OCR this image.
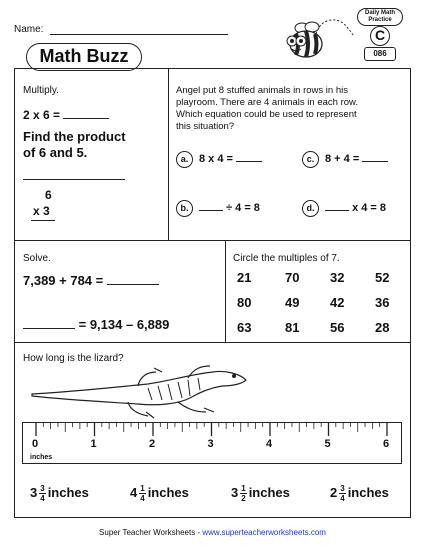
Name:
Math Buzz
Daily Math
Practice
C
086
Multiply.
2 x 6 =
Find the product
of 6 and 5.
6
x 3
Angel put 8 stuffed animals in rows in his
playroom. There are 4 animals in each row.
Which equation could be used to represent
this situation?
a. 8 x 4 =	c. 8 + 4 =
b.	÷ 4 = 8	d.	x 4 = 8
Solve.
7,389 + 784 =
= 9,134 – 6,889
Circle the multiples of 7.
21	70 32 52
80	49 42 36
63	81 56 28
How long is the lizard?
0	1	2	3	4	5	6
inches
$3 \frac{3}{4}$ inches	$4 \frac{1}{4}$ inches	$3 \frac{1}{2}$ inches	$2 \frac{3}{4}$ inches
Super Teacher Worksheets - www.superteacherworksheets.com
